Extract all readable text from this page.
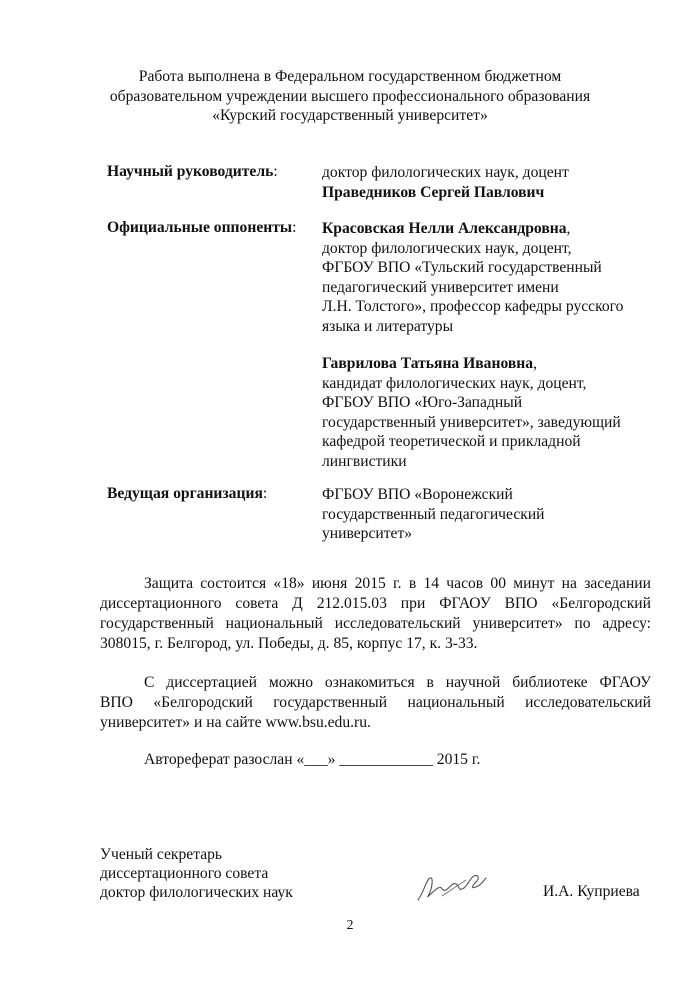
Работа выполнена в Федеральном государственном бюджетном
образовательном учреждении высшего профессионального образования
«Курский государственный университет»
Научный руководитель:	доктор филологических наук, доцент
Праведников Сергей Павлович
Официальные оппоненты: Красовская Нелли Александровна,
доктор филологических наук, доцент,
ФГБОУ ВПО «Тульский государственный
педагогический университет имени
Л.Н. Толстого», профессор кафедры русского
языка и литературы
Гаврилова Татьяна Ивановна,
кандидат филологических наук, доцент,
ФГБОУ ВПО «Юго-Западный
государственный университет», заведующий
кафедрой теоретической и прикладной
лингвистики
Ведущая организация:	ФГБОУ ВПО «Воронежский
государственный педагогический
университет»
Защита состоится «18» июня 2015 г. в 14 часов 00 минут на заседании
диссертационного совета Д 212.015.03 при ФГАОУ ВПО «Белгородский
государственный национальный исследовательский университет» по адресу:
308015, г. Белгород, ул. Победы, д. 85, корпус 17, к. 3-33.
С диссертацией можно ознакомиться в научной библиотеке ФГАОУ
ВПО «Белгородский государственный национальный исследовательский
университет» и на сайте www.bsu.edu.ru.
Автореферат разослан «___» ____________ 2015 г.
Ученый секретарь
диссертационного совета
доктор филологических наук	И.А. Куприева
2
